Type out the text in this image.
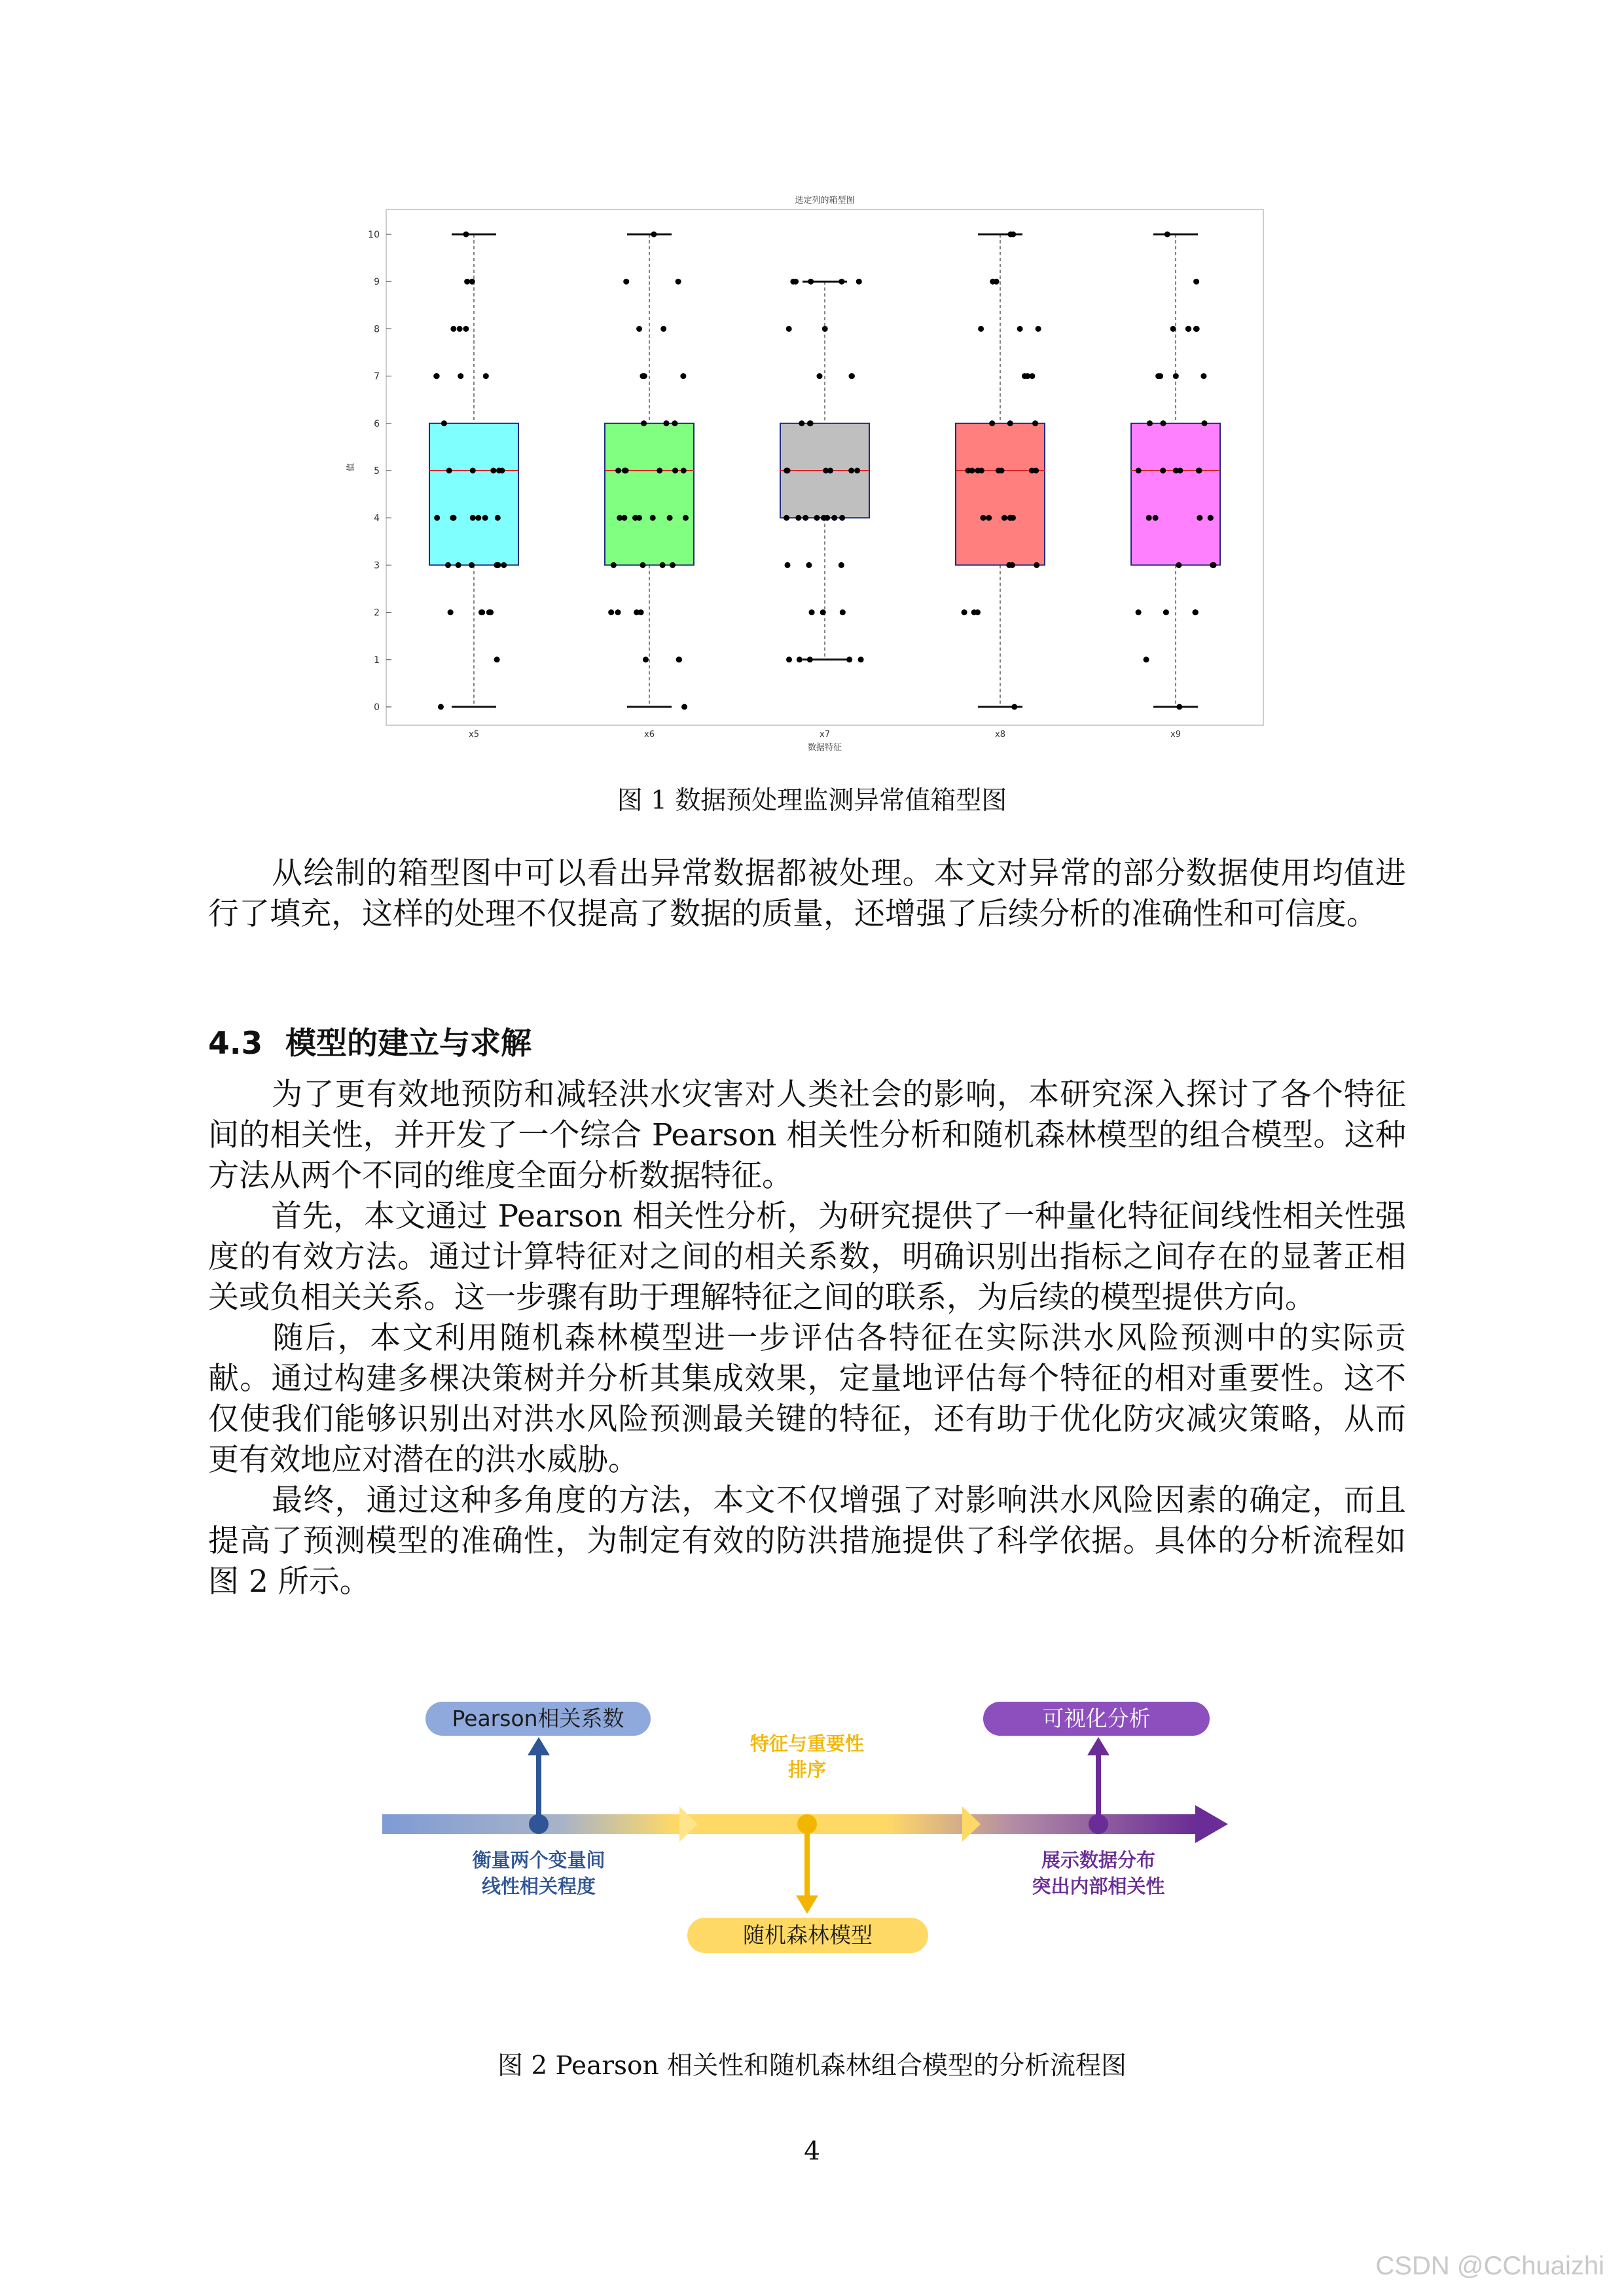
选定列的箱型图
数据特征
值
0
1
2
3
4
5
6
7
8
9
10
x5	x6	x7	x8	x9
图 1 数据预处理监测异常值箱型图

从绘制的箱型图中可以看出异常数据都被处理。本文对异常的部分数据使用均值进行了填充，这样的处理不仅提高了数据的质量，还增强了后续分析的准确性和可信度。

4.3 模型的建立与求解

为了更有效地预防和减轻洪水灾害对人类社会的影响，本研究深入探讨了各个特征间的相关性，并开发了一个综合 Pearson 相关性分析和随机森林模型的组合模型。这种方法从两个不同的维度全面分析数据特征。

首先，本文通过 Pearson 相关性分析，为研究提供了一种量化特征间线性相关性强度的有效方法。通过计算特征对之间的相关系数，明确识别出指标之间存在的显著正相关或负相关关系。这一步骤有助于理解特征之间的联系，为后续的模型提供方向。

随后，本文利用随机森林模型进一步评估各特征在实际洪水风险预测中的实际贡献。通过构建多棵决策树并分析其集成效果，定量地评估每个特征的相对重要性。这不仅使我们能够识别出对洪水风险预测最关键的特征，还有助于优化防灾减灾策略，从而更有效地应对潜在的洪水威胁。

最终，通过这种多角度的方法，本文不仅增强了对影响洪水风险因素的确定，而且提高了预测模型的准确性，为制定有效的防洪措施提供了科学依据。具体的分析流程如图 2 所示。

Pearson相关系数
衡量两个变量间
线性相关程度
特征与重要性
排序
随机森林模型
可视化分析
展示数据分布
突出内部相关性
图 2 Pearson 相关性和随机森林组合模型的分析流程图
4
CSDN @CChuaizhi
